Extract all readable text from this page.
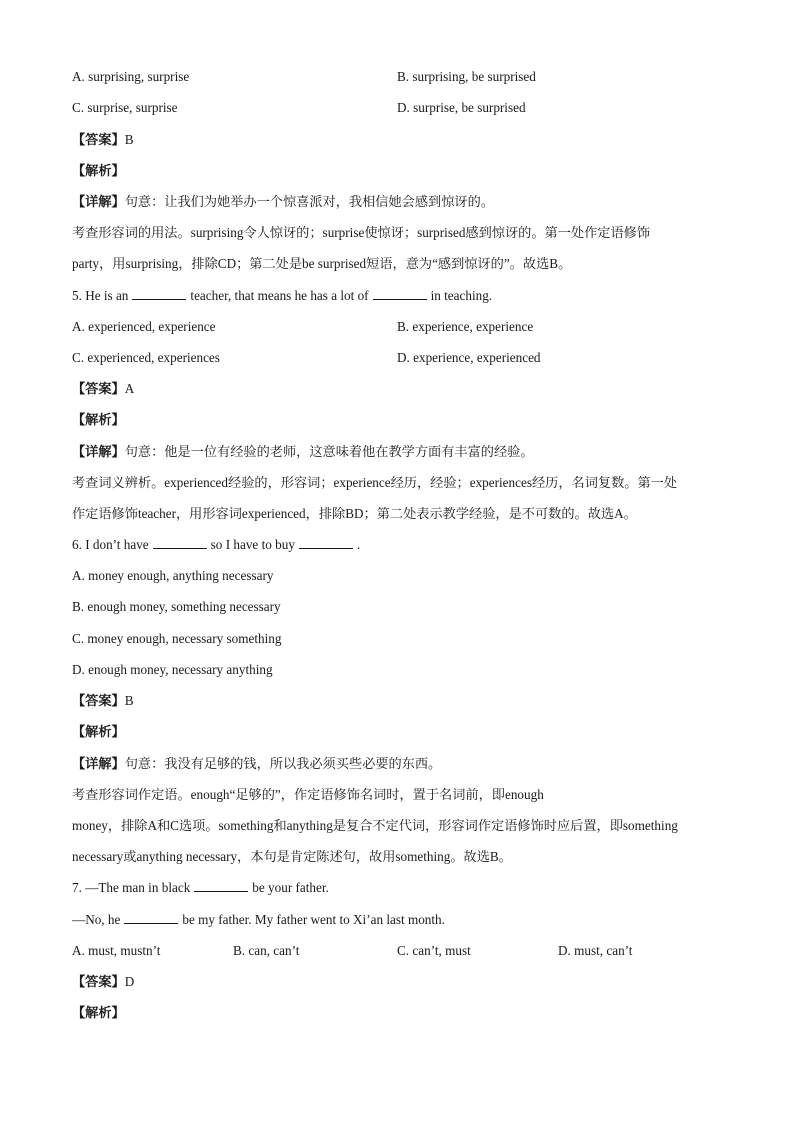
A. surprising, surprise	B. surprising, be surprised
C. surprise, surprise	D. surprise, be surprised
【答案】B
【解析】
【详解】句意：让我们为她举办一个惊喜派对，我相信她会感到惊讶的。
考查形容词的用法。surprising令人惊讶的；surprise使惊讶；surprised感到惊讶的。第一处作定语修饰
party，用surprising，排除CD；第二处是be surprised短语，意为“感到惊讶的”。故选B。
5. He is an	teacher, that means he has a lot of	in teaching.
A. experienced, experience	B. experience, experience
C. experienced, experiences	D. experience, experienced
【答案】A
【解析】
【详解】句意：他是一位有经验的老师，这意味着他在教学方面有丰富的经验。
考查词义辨析。experienced经验的，形容词；experience经历，经验；experiences经历，名词复数。第一处
作定语修饰teacher，用形容词experienced，排除BD；第二处表示教学经验，是不可数的。故选A。
6. I don’t have	so I have to buy	.
A. money enough, anything necessary
B. enough money, something necessary
C. money enough, necessary something
D. enough money, necessary anything
【答案】B
【解析】
【详解】句意：我没有足够的钱，所以我必须买些必要的东西。
考查形容词作定语。enough“足够的”，作定语修饰名词时，置于名词前，即enough
money，排除A和C选项。something和anything是复合不定代词，形容词作定语修饰时应后置，即something
necessary或anything necessary，本句是肯定陈述句，故用something。故选B。
7. —The man in black	be your father.
—No, he	be my father. My father went to Xi’an last month.
A. must, mustn’t	B. can, can’t	C. can’t, must	D. must, can’t
【答案】D
【解析】
